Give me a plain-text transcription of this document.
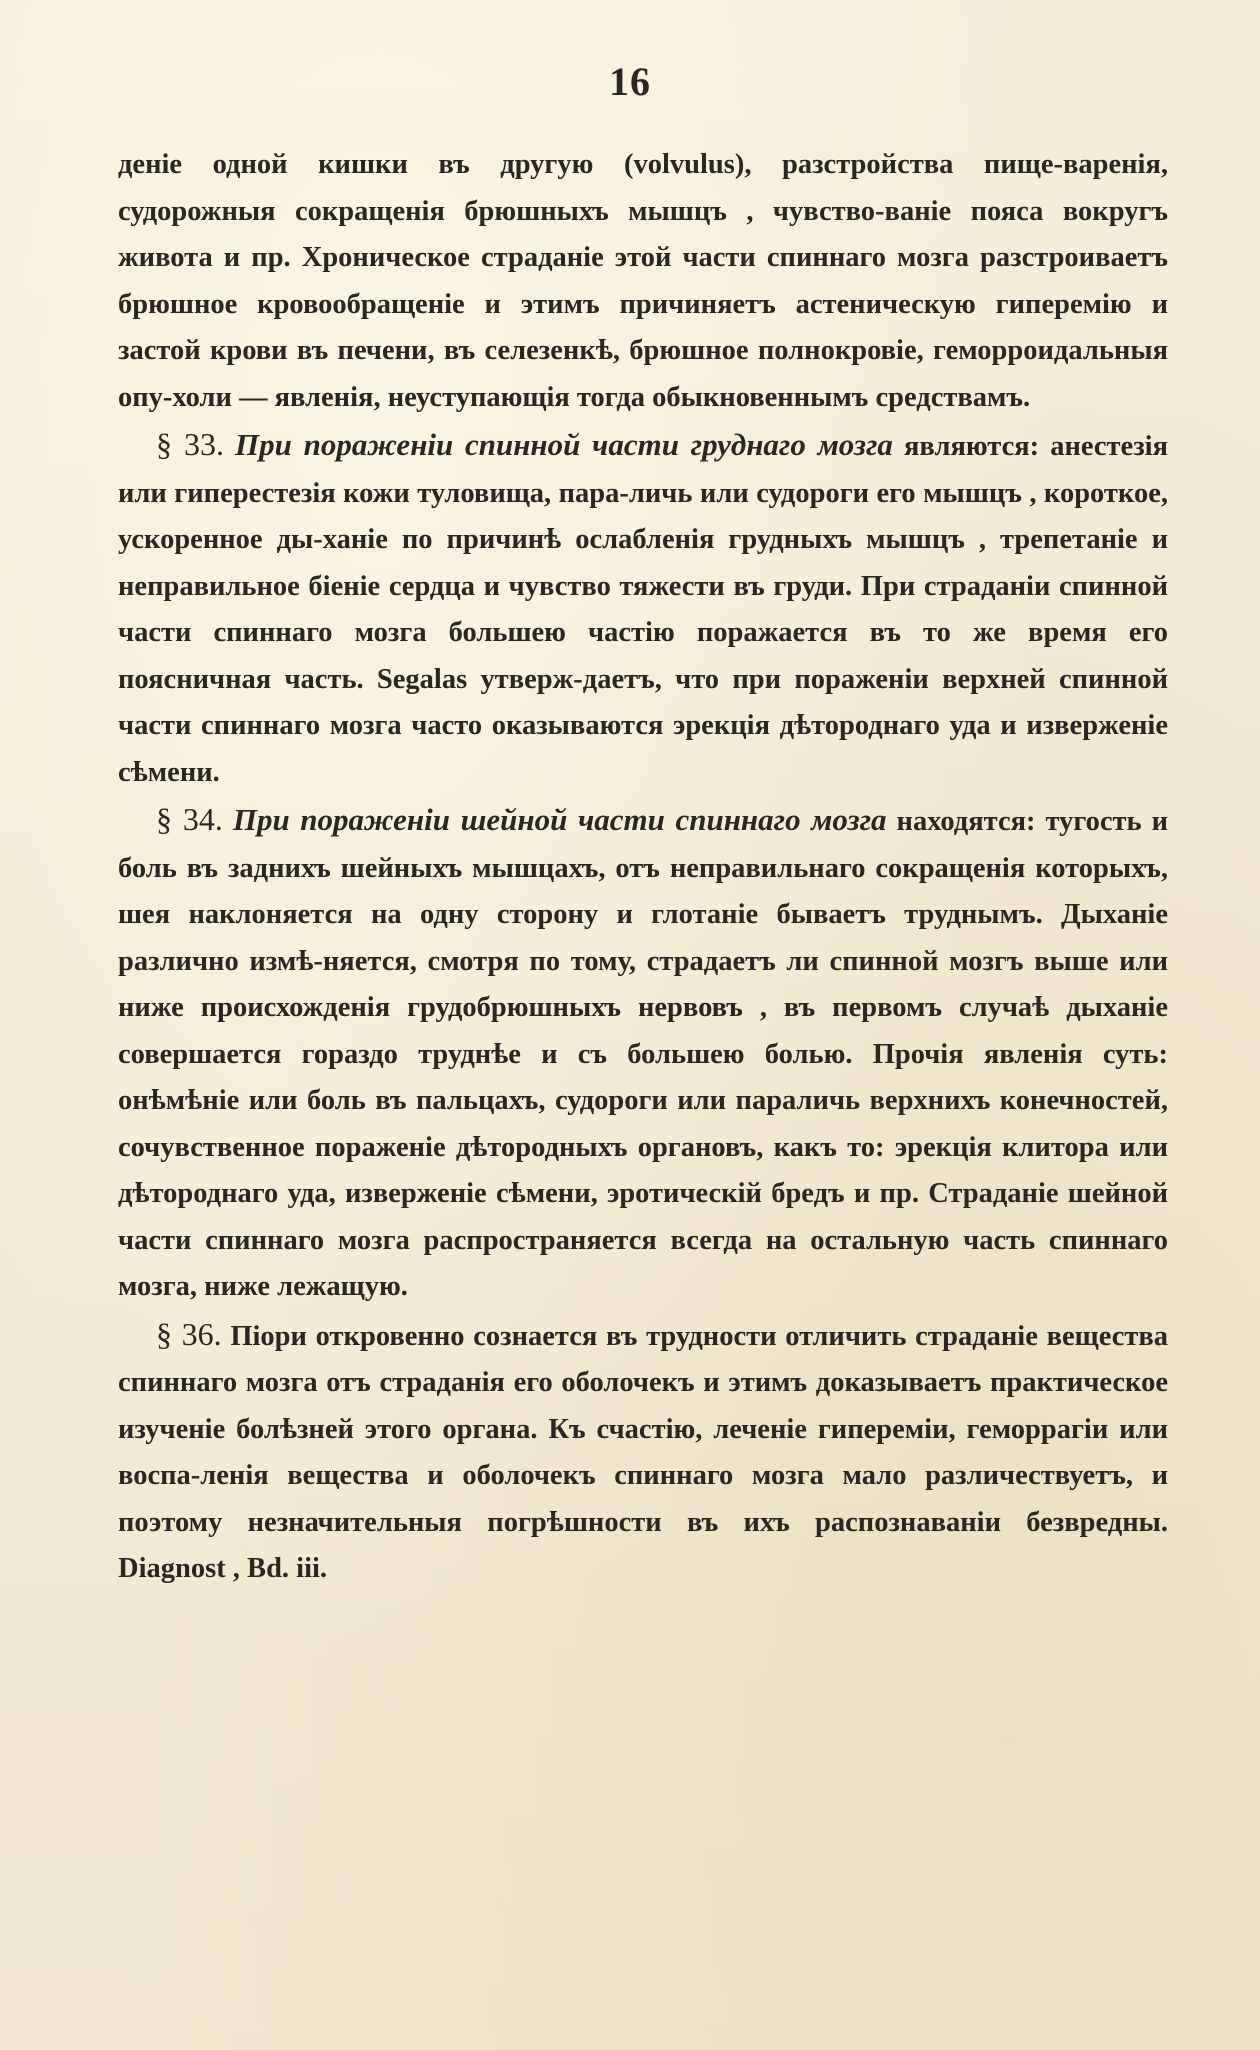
16

деніе одной кишки въ другую (volvulus), разстройства пище-варенія, судорожныя сокращенія брюшныхъ мышцъ , чувство-ваніе пояса вокругъ живота и пр. Хроническое страданіе этой части спиннаго мозга разстроиваетъ брюшное кровообращеніе и этимъ причиняетъ астеническую гиперемію и застой крови въ печени, въ селезенкѣ, брюшное полнокровіе, геморроидальныя опу-холи — явленія, неуступающія тогда обыкновеннымъ средствамъ.

§ 33. При пораженіи спинной части груднаго мозга являются: анестезія или гиперестезія кожи туловища, пара-личь или судороги его мышцъ , короткое, ускоренное ды-ханіе по причинѣ ослабленія грудныхъ мышцъ , трепетаніе и неправильное біеніе сердца и чувство тяжести въ груди. При страданіи спинной части спиннаго мозга большею частію поражается въ то же время его поясничная часть. Segalas утверж-даетъ, что при пораженіи верхней спинной части спиннаго мозга часто оказываются эрекція дѣтороднаго уда и изверженіе сѣмени.

§ 34. При пораженіи шейной части спиннаго мозга находятся: тугость и боль въ заднихъ шейныхъ мышцахъ, отъ неправильнаго сокращенія которыхъ, шея наклоняется на одну сторону и глотаніе бываетъ труднымъ. Дыханіе различно измѣ-няется, смотря по тому, страдаетъ ли спинной мозгъ выше или ниже происхожденія грудобрюшныхъ нервовъ , въ первомъ случаѣ дыханіе совершается гораздо труднѣе и съ большею болью. Прочія явленія суть: онѣмѣніе или боль въ пальцахъ, судороги или параличь верхнихъ конечностей, сочувственное пораженіе дѣтородныхъ органовъ, какъ то: эрекція клитора или дѣтороднаго уда, изверженіе сѣмени, эротическій бредъ и пр. Страданіе шейной части спиннаго мозга распространяется всегда на остальную часть спиннаго мозга, ниже лежащую.

§ 36. Піори откровенно сознается въ трудности отличить страданіе вещества спиннаго мозга отъ страданія его оболочекъ и этимъ доказываетъ практическое изученіе болѣзней этого органа. Къ счастію, леченіе гипереміи, геморрагіи или воспа-ленія вещества и оболочекъ спиннаго мозга мало различествуетъ, и поэтому незначительныя погрѣшности въ ихъ распознаваніи безвредны. Diagnost , Bd. iii.
